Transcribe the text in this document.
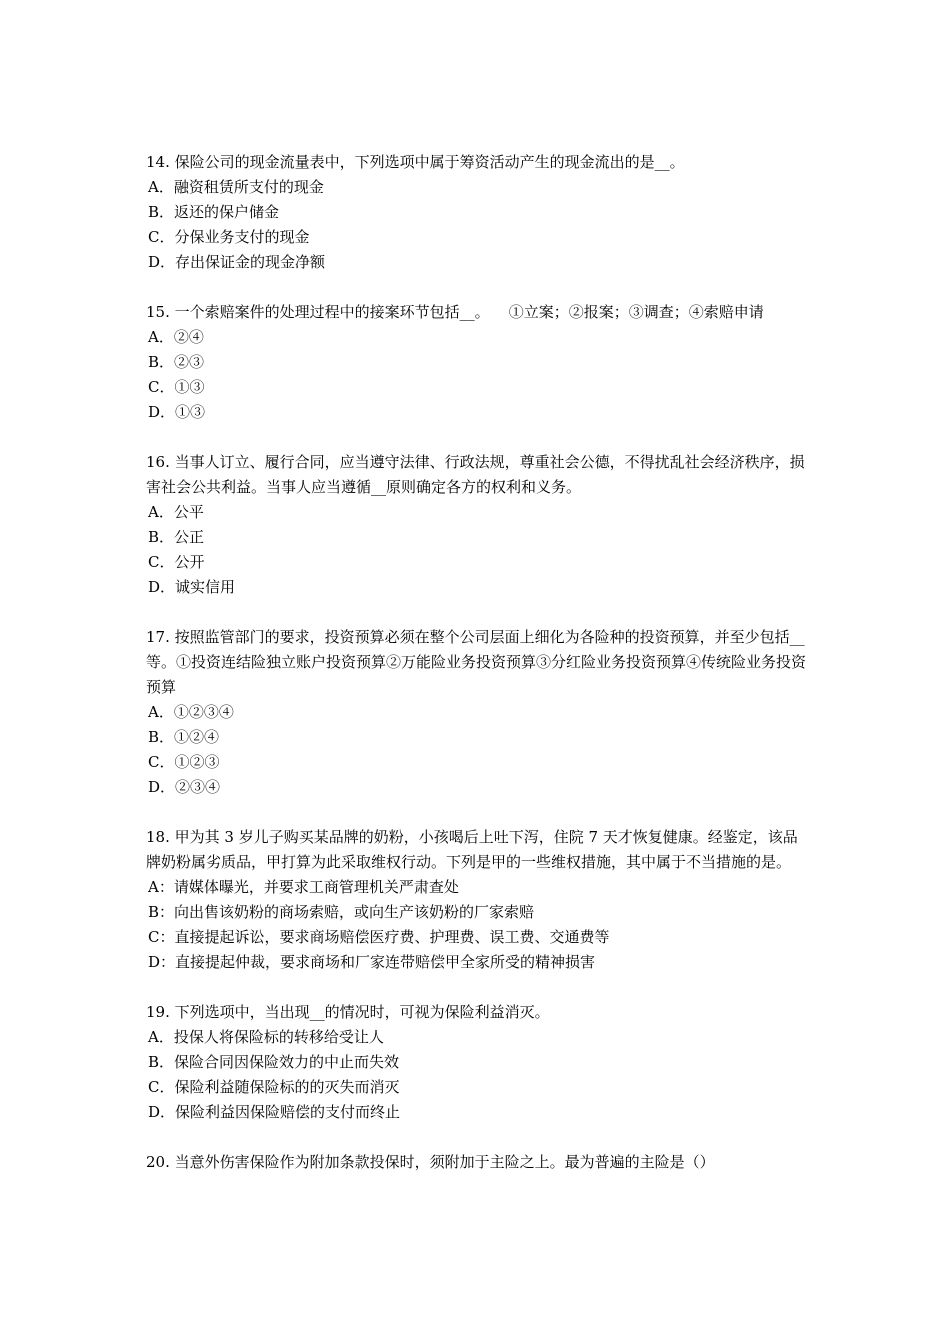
14. 保险公司的现金流量表中，下列选项中属于筹资活动产生的现金流出的是__。
A．融资租赁所支付的现金
B．返还的保户储金
C．分保业务支付的现金
D．存出保证金的现金净额
15. 一个索赔案件的处理过程中的接案环节包括__。    ①立案；②报案；③调查；④索赔申请
A．②④
B．②③
C．①③
D．①③
16. 当事人订立、履行合同，应当遵守法律、行政法规，尊重社会公德，不得扰乱社会经济秩序，损害社会公共利益。当事人应当遵循__原则确定各方的权利和义务。
A．公平
B．公正
C．公开
D．诚实信用
17. 按照监管部门的要求，投资预算必须在整个公司层面上细化为各险种的投资预算，并至少包括__等。①投资连结险独立账户投资预算②万能险业务投资预算③分红险业务投资预算④传统险业务投资预算
A．①②③④
B．①②④
C．①②③
D．②③④
18. 甲为其 3 岁儿子购买某品牌的奶粉，小孩喝后上吐下泻，住院 7 天才恢复健康。经鉴定，该品牌奶粉属劣质品，甲打算为此采取维权行动。下列是甲的一些维权措施，其中属于不当措施的是。
A：请媒体曝光，并要求工商管理机关严肃查处
B：向出售该奶粉的商场索赔，或向生产该奶粉的厂家索赔
C：直接提起诉讼，要求商场赔偿医疗费、护理费、误工费、交通费等
D：直接提起仲裁，要求商场和厂家连带赔偿甲全家所受的精神损害
19. 下列选项中，当出现__的情况时，可视为保险利益消灭。
A．投保人将保险标的转移给受让人
B．保险合同因保险效力的中止而失效
C．保险利益随保险标的的灭失而消灭
D．保险利益因保险赔偿的支付而终止
20. 当意外伤害保险作为附加条款投保时，须附加于主险之上。最为普遍的主险是（）
